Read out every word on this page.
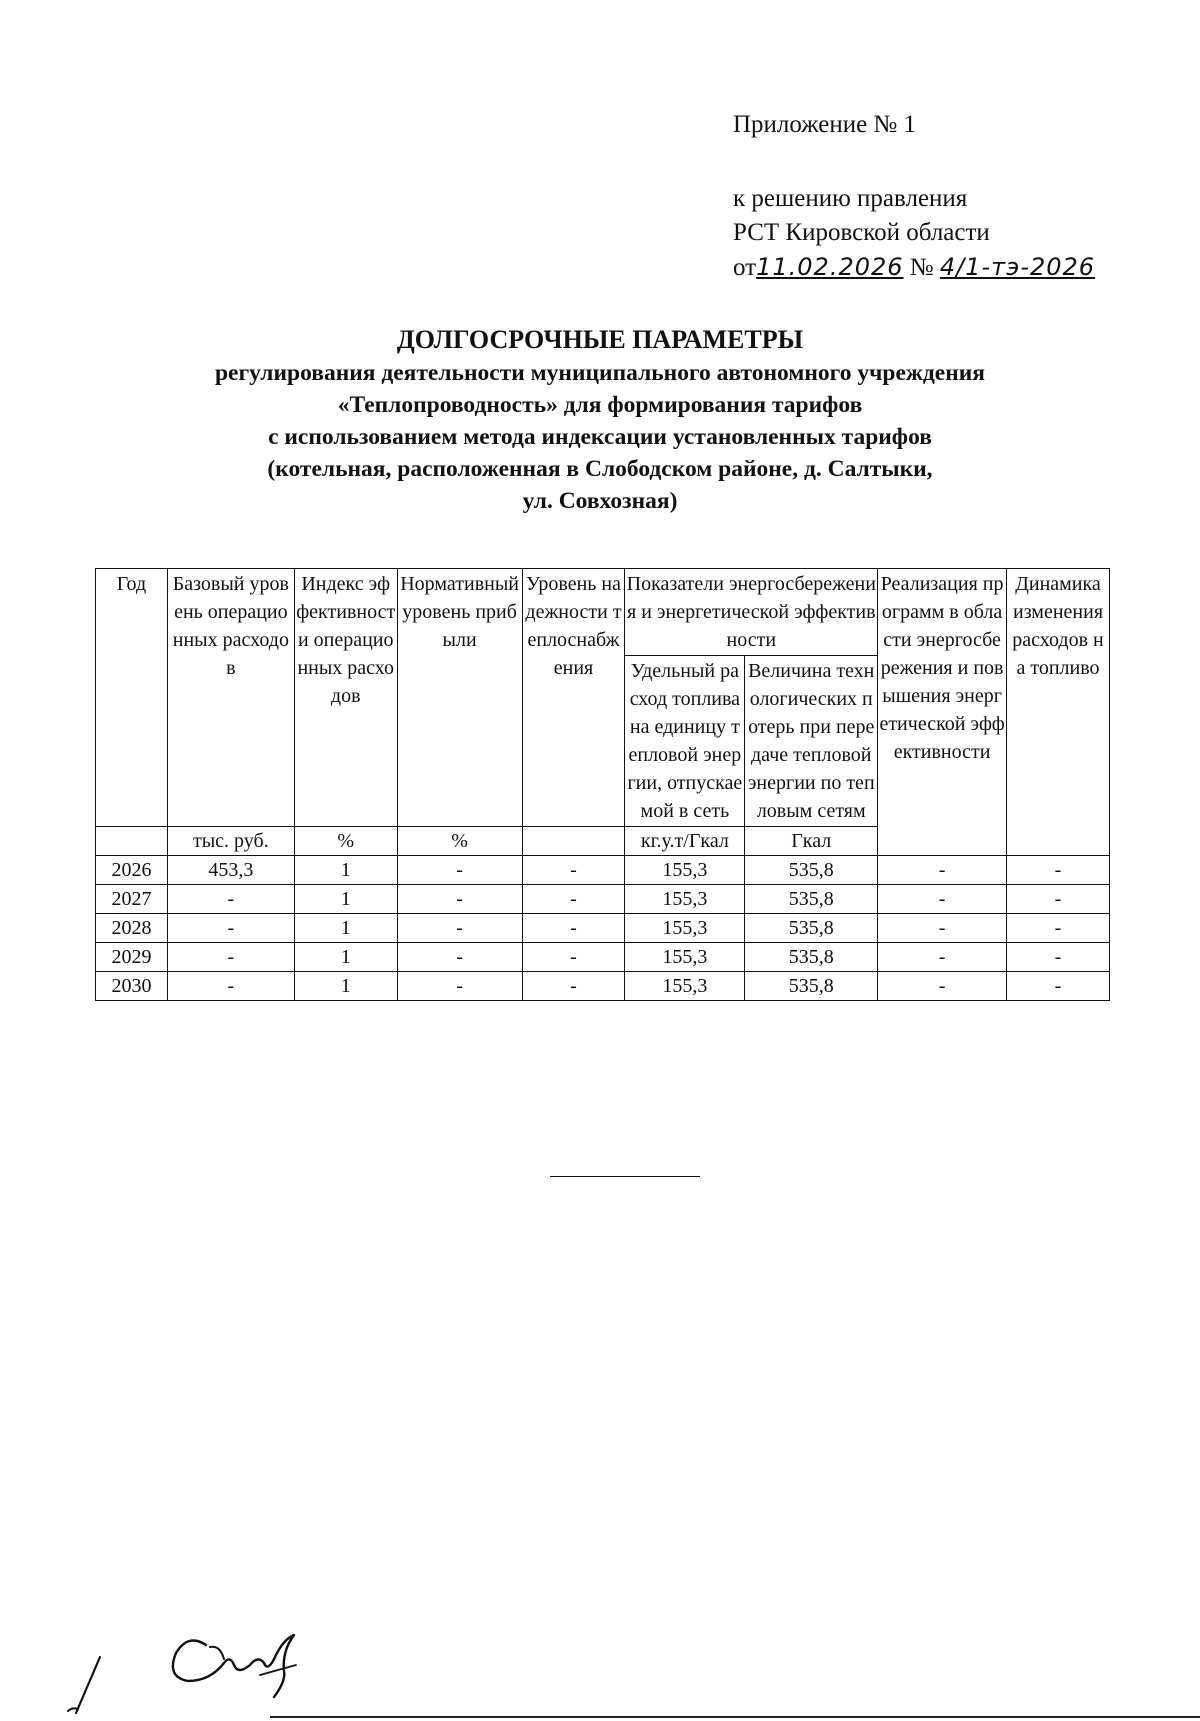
Приложение № 1
к решению правления
РСТ Кировской области
от11.02.2026 № 4/1-тэ-2026
ДОЛГОСРОЧНЫЕ ПАРАМЕТРЫ
регулирования деятельности муниципального автономного учреждения
«Теплопроводность» для формирования тарифов
с использованием метода индексации установленных тарифов
(котельная, расположенная в Слободском районе, д. Салтыки,
ул. Совхозная)
Год	Базовый уровень операционных расходов	Индекс эффективности операционных расходов	Нормативный уровень прибыли	Уровень надежности теплоснабжения	Показатели энергосбережения и энергетической эффективности		Реализация программ в области энергосбережения и повышения энергетической эффективности	Динамика изменения расходов на топливо
					Удельный расход топлива на единицу тепловой энергии, отпускаемой в сеть	Величина технологических потерь при передаче тепловой энергии по тепловым сетям		
	тыс. руб.	%	%		кг.у.т/Гкал	Гкал		
2026	453,3	1	-	-	155,3	535,8	-	-
2027	-	1	-	-	155,3	535,8	-	-
2028	-	1	-	-	155,3	535,8	-	-
2029	-	1	-	-	155,3	535,8	-	-
2030	-	1	-	-	155,3	535,8	-	-
